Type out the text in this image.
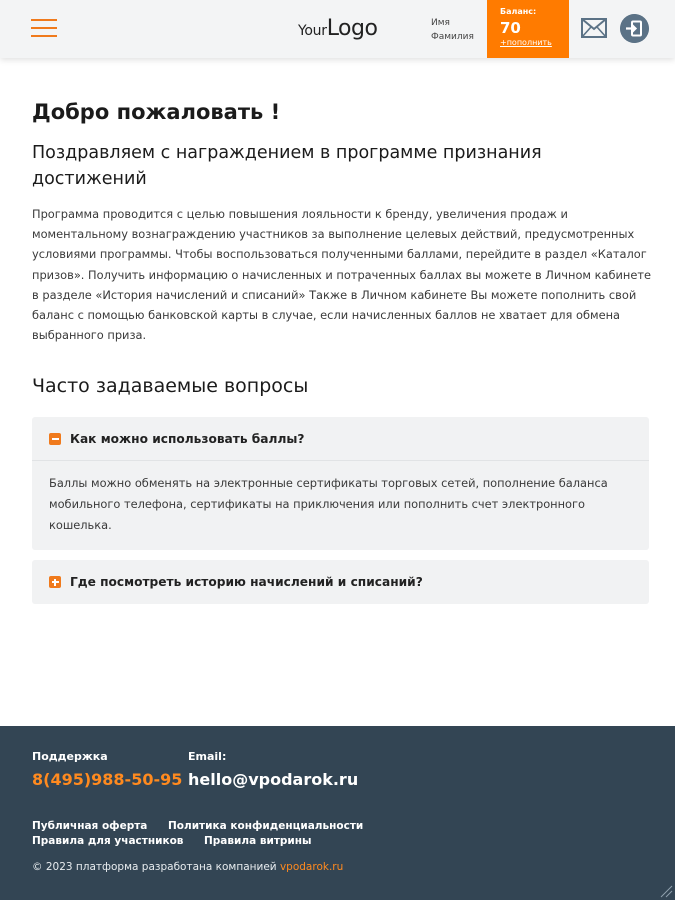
YourLogo	Имя
Фамилия
Баланс:
70
+пополнить
Добро пожаловать !
Поздравляем с награждением в программе признания достижений

Программа проводится с целью повышения лояльности к бренду, увеличения продаж и моментальному вознаграждению участников за выполнение целевых действий, предусмотренных условиями программы. Чтобы воспользоваться полученными баллами, перейдите в раздел «Каталог призов». Получить информацию о начисленных и потраченных баллах вы можете в Личном кабинете в разделе «История начислений и списаний» Также в Личном кабинете Вы можете пополнить свой баланс с помощью банковской карты в случае, если начисленных баллов не хватает для обмена выбранного приза.

Часто задаваемые вопросы
Как можно использовать баллы?
Баллы можно обменять на электронные сертификаты торговых сетей, пополнение баланса мобильного телефона, сертификаты на приключения или пополнить счет электронного кошелька.
Где посмотреть историю начислений и списаний?
Поддержка
8(495)988-50-95
Email:
hello@vpodarok.ru
Публичная оферта Политика конфиденциальности
Правила для участников Правила витрины
© 2023 платформа разработана компанией vpodarok.ru
